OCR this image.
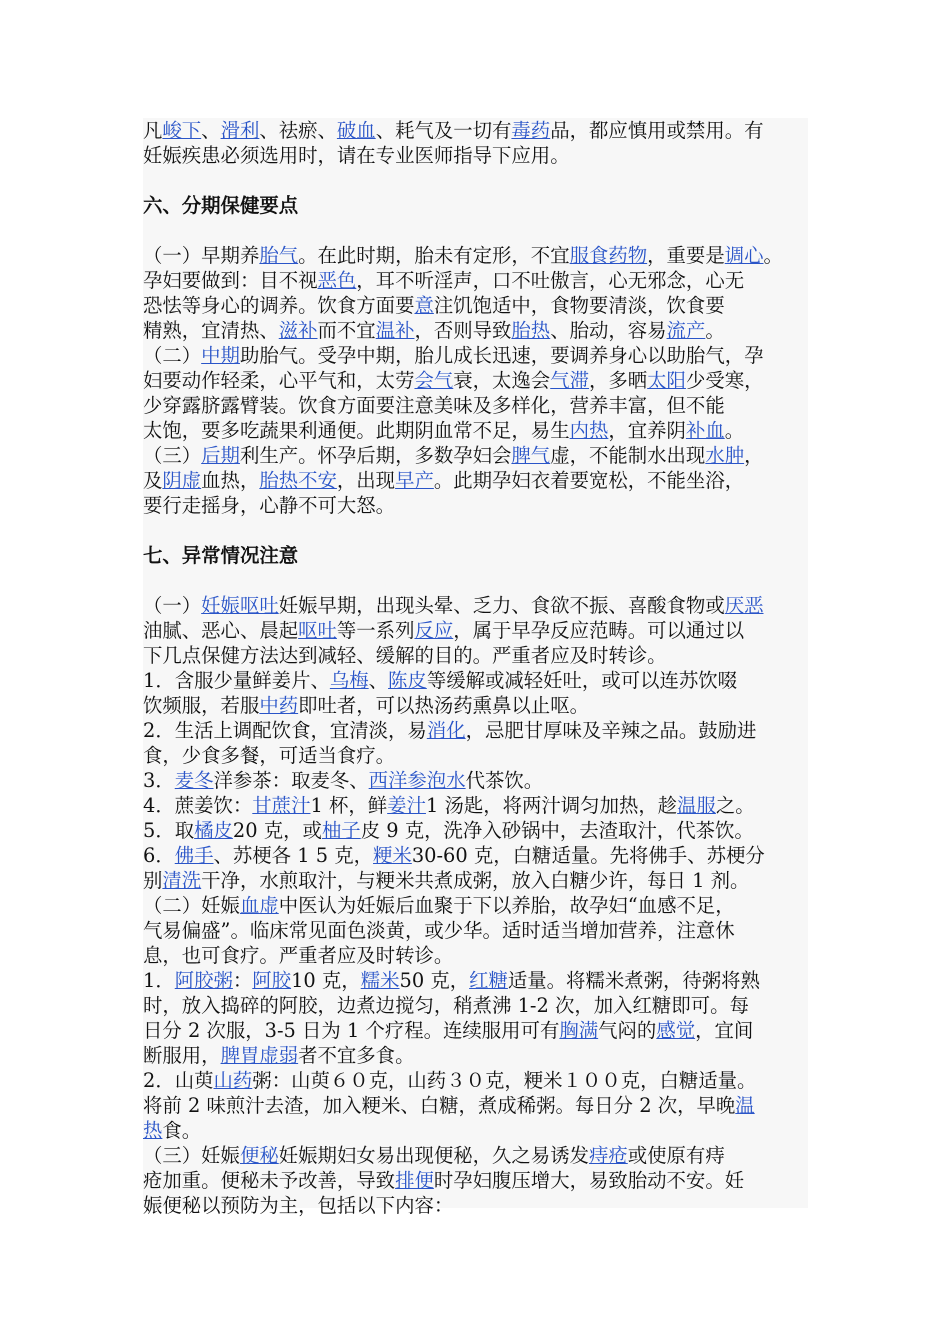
凡峻下、滑利、祛瘀、破血、耗气及一切有毒药品，都应慎用或禁用。有

妊娠疾患必须选用时，请在专业医师指导下应用。

六、分期保健要点

（一）早期养胎气。在此时期，胎未有定形，不宜服食药物，重要是调心。

孕妇要做到：目不视恶色，耳不听淫声，口不吐傲言，心无邪念，心无

恐怯等身心的调养。饮食方面要意注饥饱适中，食物要清淡，饮食要

精熟，宜清热、滋补而不宜温补，否则导致胎热、胎动，容易流产。

（二）中期助胎气。受孕中期，胎儿成长迅速，要调养身心以助胎气，孕

妇要动作轻柔，心平气和，太劳会气衰，太逸会气滞，多晒太阳少受寒，

少穿露脐露臂装。饮食方面要注意美味及多样化，营养丰富，但不能

太饱，要多吃蔬果利通便。此期阴血常不足，易生内热，宜养阴补血。

（三）后期利生产。怀孕后期，多数孕妇会脾气虚，不能制水出现水肿，

及阴虚血热，胎热不安，出现早产。此期孕妇衣着要宽松，不能坐浴，

要行走摇身，心静不可大怒。

七、异常情况注意

（一）妊娠呕吐妊娠早期，出现头晕、乏力、食欲不振、喜酸食物或厌恶

油腻、恶心、晨起呕吐等一系列反应，属于早孕反应范畴。可以通过以

下几点保健方法达到减轻、缓解的目的。严重者应及时转诊。

1．含服少量鲜姜片、乌梅、陈皮等缓解或减轻妊吐，或可以连苏饮啜

饮频服，若服中药即吐者，可以热汤药熏鼻以止呕。

2．生活上调配饮食，宜清淡，易消化，忌肥甘厚味及辛辣之品。鼓励进

食，少食多餐，可适当食疗。

3．麦冬洋参茶：取麦冬、西洋参泡水代茶饮。

4．蔗姜饮：甘蔗汁1 杯，鲜姜汁1 汤匙，将两汁调匀加热，趁温服之。

5．取橘皮20 克，或柚子皮 9 克，洗净入砂锅中，去渣取汁，代茶饮。

6．佛手、苏梗各 1 5 克，粳米30-60 克，白糖适量。先将佛手、苏梗分

别清洗干净，水煎取汁，与粳米共煮成粥，放入白糖少许，每日 1 剂。

（二）妊娠血虚中医认为妊娠后血聚于下以养胎，故孕妇“血感不足，

气易偏盛”。临床常见面色淡黄，或少华。适时适当增加营养，注意休

息，也可食疗。严重者应及时转诊。

1．阿胶粥：阿胶10 克，糯米50 克，红糖适量。将糯米煮粥，待粥将熟

时，放入捣碎的阿胶，边煮边搅匀，稍煮沸 1-2 次，加入红糖即可。每

日分 2 次服，3-5 日为 1 个疗程。连续服用可有胸满气闷的感觉，宜间

断服用，脾胃虚弱者不宜多食。

2．山萸山药粥：山萸６０克，山药３０克，粳米１００克，白糖适量。

将前 2 味煎汁去渣，加入粳米、白糖，煮成稀粥。每日分 2 次，早晚温

热食。

（三）妊娠便秘妊娠期妇女易出现便秘，久之易诱发痔疮或使原有痔

疮加重。便秘未予改善，导致排便时孕妇腹压增大，易致胎动不安。妊

娠便秘以预防为主，包括以下内容：
